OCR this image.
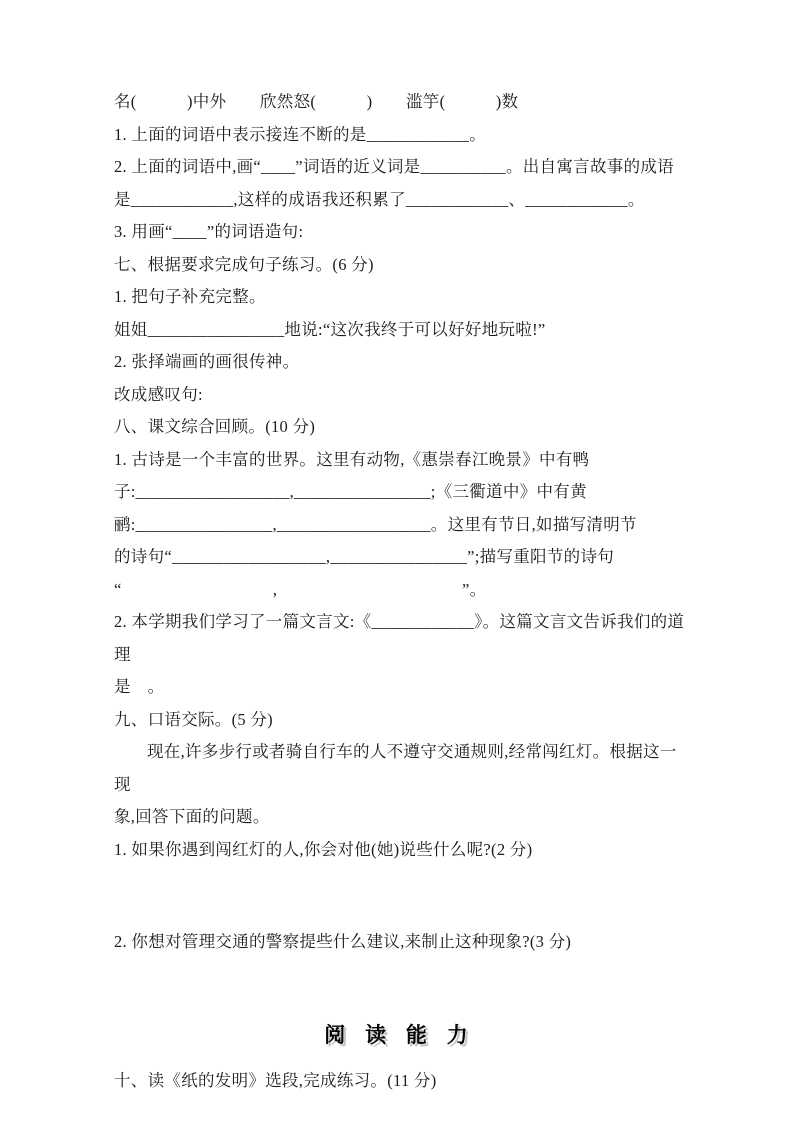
名(　　　)中外　　欣然怒(　　　)　　滥竽(　　　)数
1. 上面的词语中表示接连不断的是____________。
2. 上面的词语中,画“____”词语的近义词是__________。出自寓言故事的成语
是____________,这样的成语我还积累了____________、____________。
3. 用画“____”的词语造句:
七、根据要求完成句子练习。(6 分)
1. 把句子补充完整。
姐姐________________地说:“这次我终于可以好好地玩啦!”
2. 张择端画的画很传神。
改成感叹句:
八、课文综合回顾。(10 分)
1. 古诗是一个丰富的世界。这里有动物,《惠崇春江晚景》中有鸭
子:__________________,________________;《三衢道中》中有黄
鹂:________________,__________________。这里有节日,如描写清明节
的诗句“__________________,________________”;描写重阳节的诗句
“　　　　　　　　　,　　　　　　　　　　　”。
2. 本学期我们学习了一篇文言文:《____________》。这篇文言文告诉我们的道理
是　。
九、口语交际。(5 分)
现在,许多步行或者骑自行车的人不遵守交通规则,经常闯红灯。根据这一现
象,回答下面的问题。
1. 如果你遇到闯红灯的人,你会对他(她)说些什么呢?(2 分)
2. 你想对管理交通的警察提些什么建议,来制止这种现象?(3 分)
阅 读 能 力
十、读《纸的发明》选段,完成练习。(11 分)
